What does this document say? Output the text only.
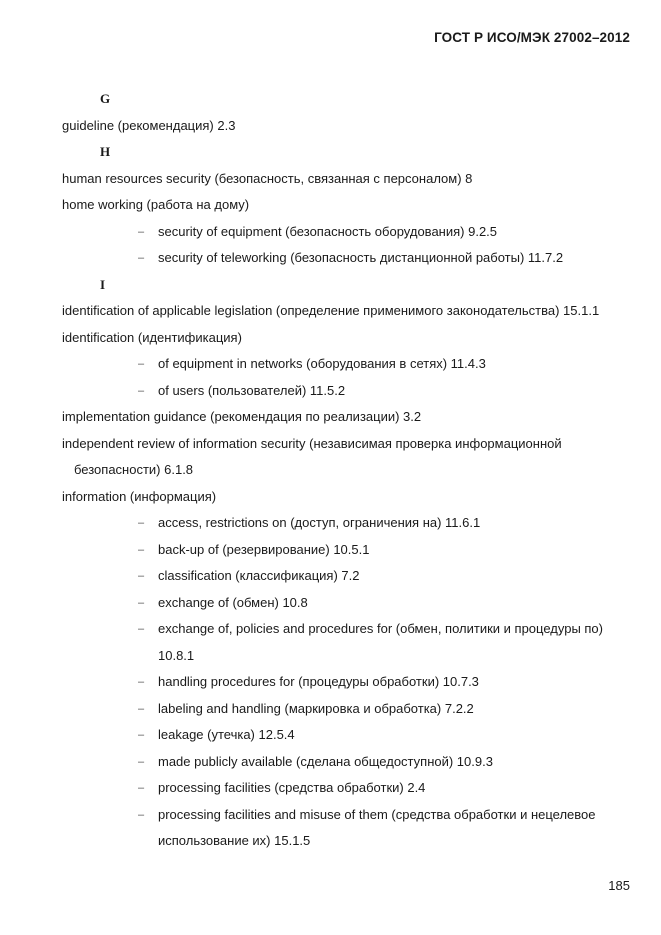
ГОСТ Р ИСО/МЭК 27002–2012
G
guideline (рекомендация) 2.3
H
human resources security (безопасность, связанная с персоналом) 8
home working (работа на дому)
– security of equipment (безопасность оборудования) 9.2.5
– security of teleworking (безопасность дистанционной работы) 11.7.2
I
identification of applicable legislation (определение применимого законодательства) 15.1.1
identification (идентификация)
– of equipment in networks (оборудования в сетях) 11.4.3
– of users (пользователей) 11.5.2
implementation guidance (рекомендация по реализации) 3.2
independent review of information security (независимая проверка информационной
безопасности) 6.1.8
information (информация)
– access, restrictions on (доступ, ограничения на) 11.6.1
– back-up of (резервирование) 10.5.1
– classification (классификация) 7.2
– exchange of (обмен) 10.8
– exchange of, policies and procedures for (обмен, политики и процедуры по)
10.8.1
– handling procedures for (процедуры обработки) 10.7.3
– labeling and handling (маркировка и обработка) 7.2.2
– leakage (утечка) 12.5.4
– made publicly available (сделана общедоступной) 10.9.3
– processing facilities (средства обработки) 2.4
– processing facilities and misuse of them (средства обработки и нецелевое
использование их) 15.1.5
185
